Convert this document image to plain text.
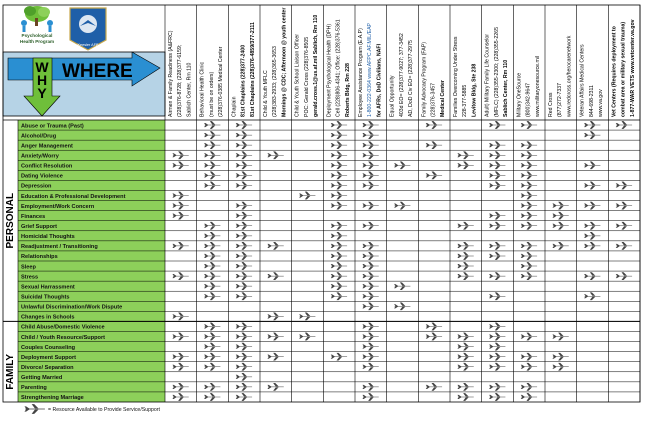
Psychological
Health Program
Keesler AFB
WHERE
W
H
Y	Airmen & Family Readiness (A&FRC) (228)376-8728; (228)377-6159; Sablich Center, Rm 110 Behavioral Health Clinic (must be on orders) (228)376-0385 Medical Center Chaplain 81st Chaplains (228)377-2400 81st Chaplains (228)376-4859/377-2111 Child & Youth MFLC (228)383-2933; (228)365-3653 Mornings @ CDC; Afternoon @ youth center Child & Youth School Liaison Officer POC: Gerald Cross (228)376-8505 gerald.cross.1@us.af.mil Sablich, Rm 110 Deployment Psychological Health (DPH) Cell (228)806-4341; Office: (228)376-5361 Roberts Bldg, Rm 228 Employee Assistance Program (E.A.P) 1-800-222-0364 www.AFPC.AF.MIL/EAP for AFRs, DoD Civilians, NAFI Equal Opportunity 403d EO= (228)377-9027; 377-3452 AD, DoD Civ EO= (228)377-2975 Family Advocacy Program (FAP) (228)376-3457 Medical Center Families Overcoming Under Stress 228-377-5885 Levitow Bldg, Ste 238 Adult) Military Family Life Counselor (MFLC) (228)355-2300; (228)355-2265 Sablich Center, Rm 110 Military OneSource (800)342-9647 www.militaryonesource.mil Red Cross (877)272-7337 www.redcross.org/herocarenetwork Veteran Affairs Medical Centers 844-698-2311 www.va.gov Vet Centers (Requires deployment to combat area or military sexual trauma) 1-877-WAR VETS www.vetcenter.va.gov
Abuse or Trauma (Past)
Alcohol/Drug
Anger Management
Anxiety/Worry
Conflict Resolution
Dating Violence
Depression
Education & Professional Development
Employment/Work Concern
Finances
Grief Support
Homicidal Thoughts
Readjustment / Transitioning
Relationships
Sleep
Stress
Sexual Harrassment
Suicidal Thoughts
Unlawful Discrimination/Work Dispute
Changes in Schools
Child Abuse/Domestic Violence
Child / Youth Resource/Support
Couples Counseling
Deployment Support
Divorce/ Separation
Getting Married
Parenting
Strengthening Marriage
PERSONAL
FAMILY
= Resource Available to Provide Service/Support
